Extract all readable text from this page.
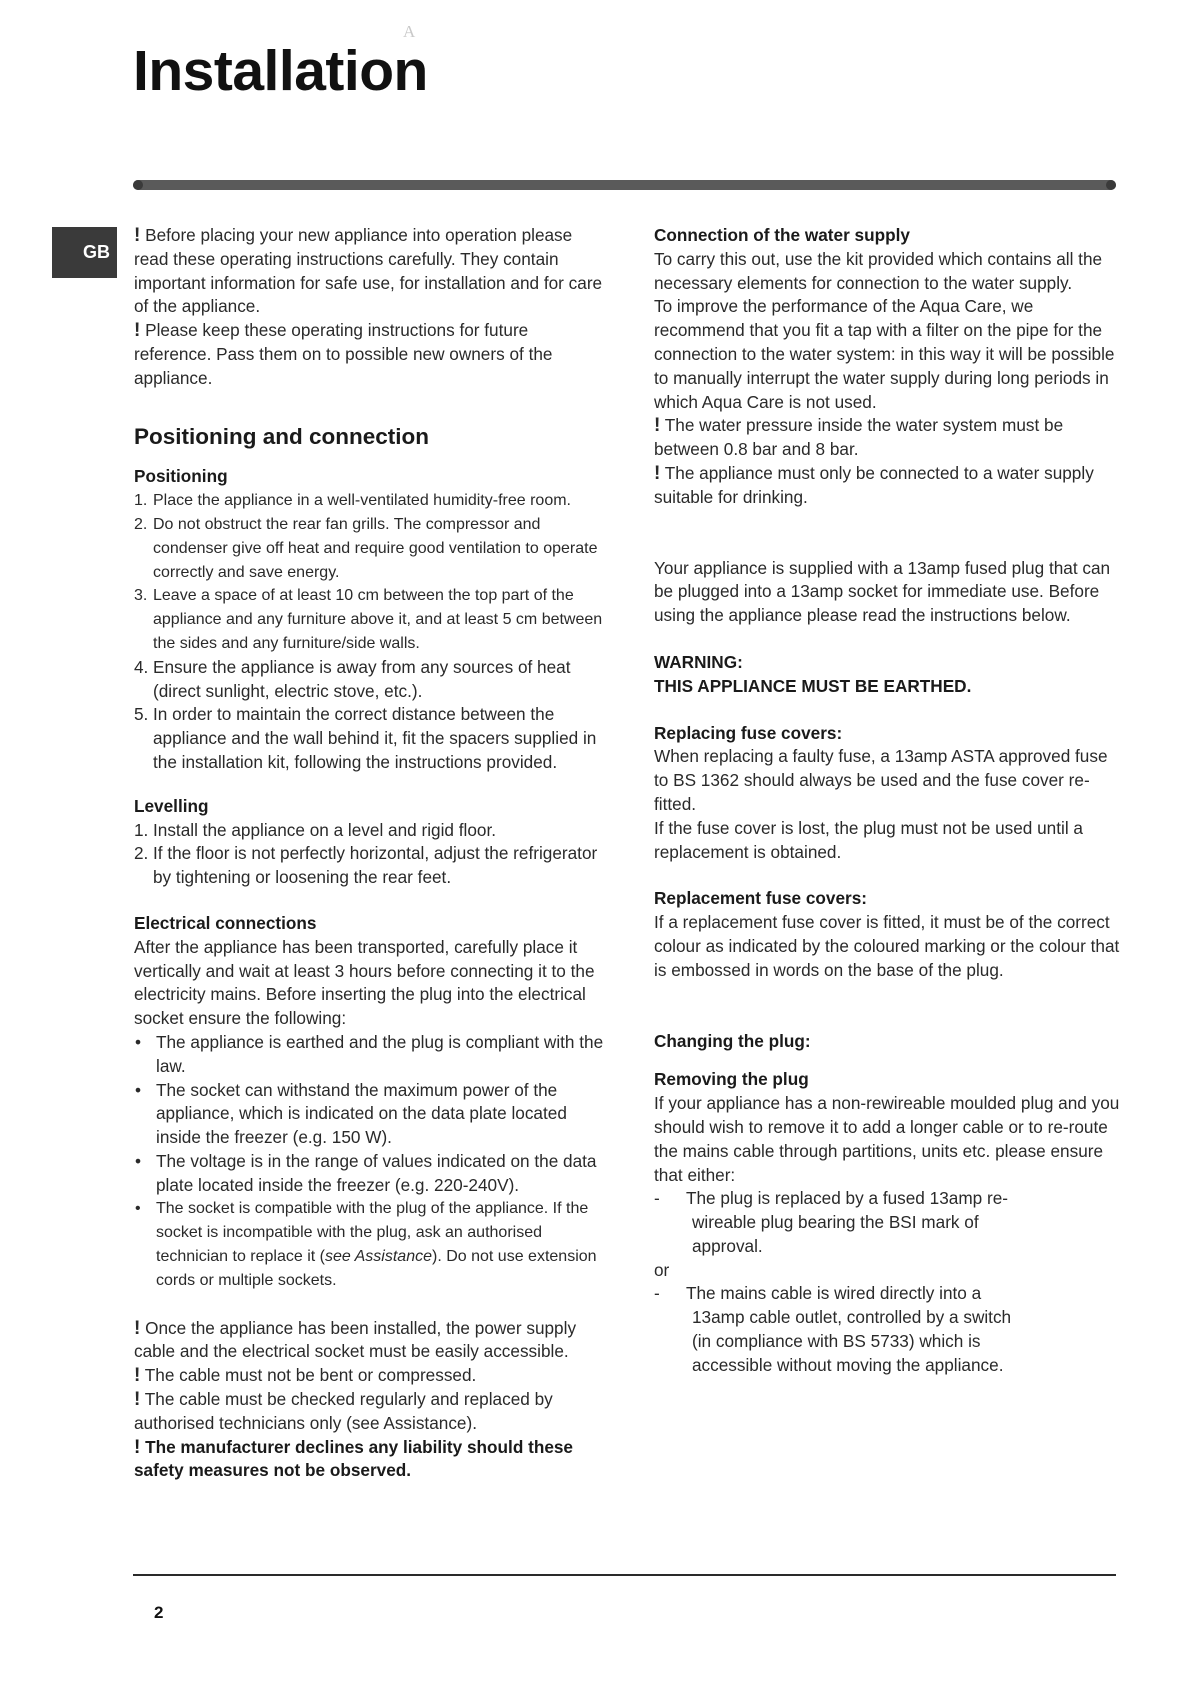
A
Installation
GB

! Before placing your new appliance into operation please read these operating instructions carefully. They contain important information for safe use, for installation and for care of the appliance.

! Please keep these operating instructions for future reference. Pass them on to possible new owners of the appliance.

Positioning and connection

Positioning

1. Place the appliance in a well-ventilated humidity-free room.
2. Do not obstruct the rear fan grills. The compressor and condenser give off heat and require good ventilation to operate correctly and save energy.
3. Leave a space of at least 10 cm between the top part of the appliance and any furniture above it, and at least 5 cm between the sides and any furniture/side walls.
4. Ensure the appliance is away from any sources of heat (direct sunlight, electric stove, etc.).
5. In order to maintain the correct distance between the appliance and the wall behind it, fit the spacers supplied in the installation kit, following the instructions provided.

Levelling

1. Install the appliance on a level and rigid floor.
2. If the floor is not perfectly horizontal, adjust the refrigerator by tightening or loosening the rear feet.

Electrical connections

After the appliance has been transported, carefully place it vertically and wait at least 3 hours before connecting it to the electricity mains. Before inserting the plug into the electrical socket ensure the following:

• The appliance is earthed and the plug is compliant with the law.
• The socket can withstand the maximum power of the appliance, which is indicated on the data plate located inside the freezer (e.g. 150 W).
• The voltage is in the range of values indicated on the data plate located inside the freezer (e.g. 220-240V).
• The socket is compatible with the plug of the appliance. If the socket is incompatible with the plug, ask an authorised technician to replace it (see Assistance). Do not use extension cords or multiple sockets.

! Once the appliance has been installed, the power supply cable and the electrical socket must be easily accessible.

! The cable must not be bent or compressed.

! The cable must be checked regularly and replaced by authorised technicians only (see Assistance).

! The manufacturer declines any liability should these safety measures not be observed.

Connection of the water supply

To carry this out, use the kit provided which contains all the necessary elements for connection to the water supply.

To improve the performance of the Aqua Care, we recommend that you fit a tap with a filter on the pipe for the connection to the water system: in this way it will be possible to manually interrupt the water supply during long periods in which Aqua Care is not used.

! The water pressure inside the water system must be between 0.8 bar and 8 bar.

! The appliance must only be connected to a water supply suitable for drinking.

Your appliance is supplied with a 13amp fused plug that can be plugged into a 13amp socket for immediate use. Before using the appliance please read the instructions below.

WARNING:

THIS APPLIANCE MUST BE EARTHED.

Replacing fuse covers:

When replacing a faulty fuse, a 13amp ASTA approved fuse to BS 1362 should always be used and the fuse cover re-fitted.

If the fuse cover is lost, the plug must not be used until a replacement is obtained.

Replacement fuse covers:

If a replacement fuse cover is fitted, it must be of the correct colour as indicated by the coloured marking or the colour that is embossed in words on the base of the plug.

Changing the plug:

Removing the plug

If your appliance has a non-rewireable moulded plug and you should wish to remove it to add a longer cable or to re-route the mains cable through partitions, units etc. please ensure that either:

- The plug is replaced by a fused 13amp re- wireable plug bearing the BSI mark of approval.

or

- The mains cable is wired directly into a 13amp cable outlet, controlled by a switch (in compliance with BS 5733) which is accessible without moving the appliance.
2
